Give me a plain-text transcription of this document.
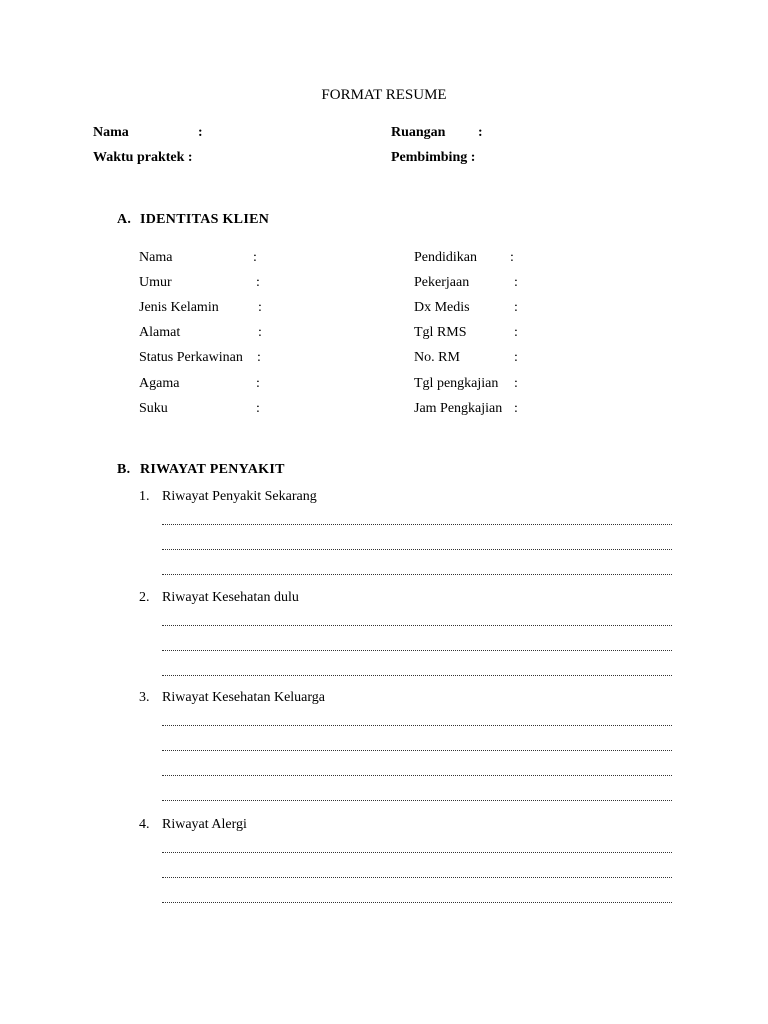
FORMAT RESUME
Nama	:	Ruangan :
Waktu praktek :	Pembimbing :
A. IDENTITAS KLIEN
Nama	:	Pendidikan :
Umur	:	Pekerjaan	:
Jenis Kelamin	:	Dx Medis	:
Alamat	:	Tgl RMS	:
Status Perkawinan :	No. RM	:
Agama	:	Tgl pengkajian :
Suku	:	Jam Pengkajian :
B. RIWAYAT PENYAKIT
1. Riwayat Penyakit Sekarang
2. Riwayat Kesehatan dulu
3. Riwayat Kesehatan Keluarga
4. Riwayat Alergi
